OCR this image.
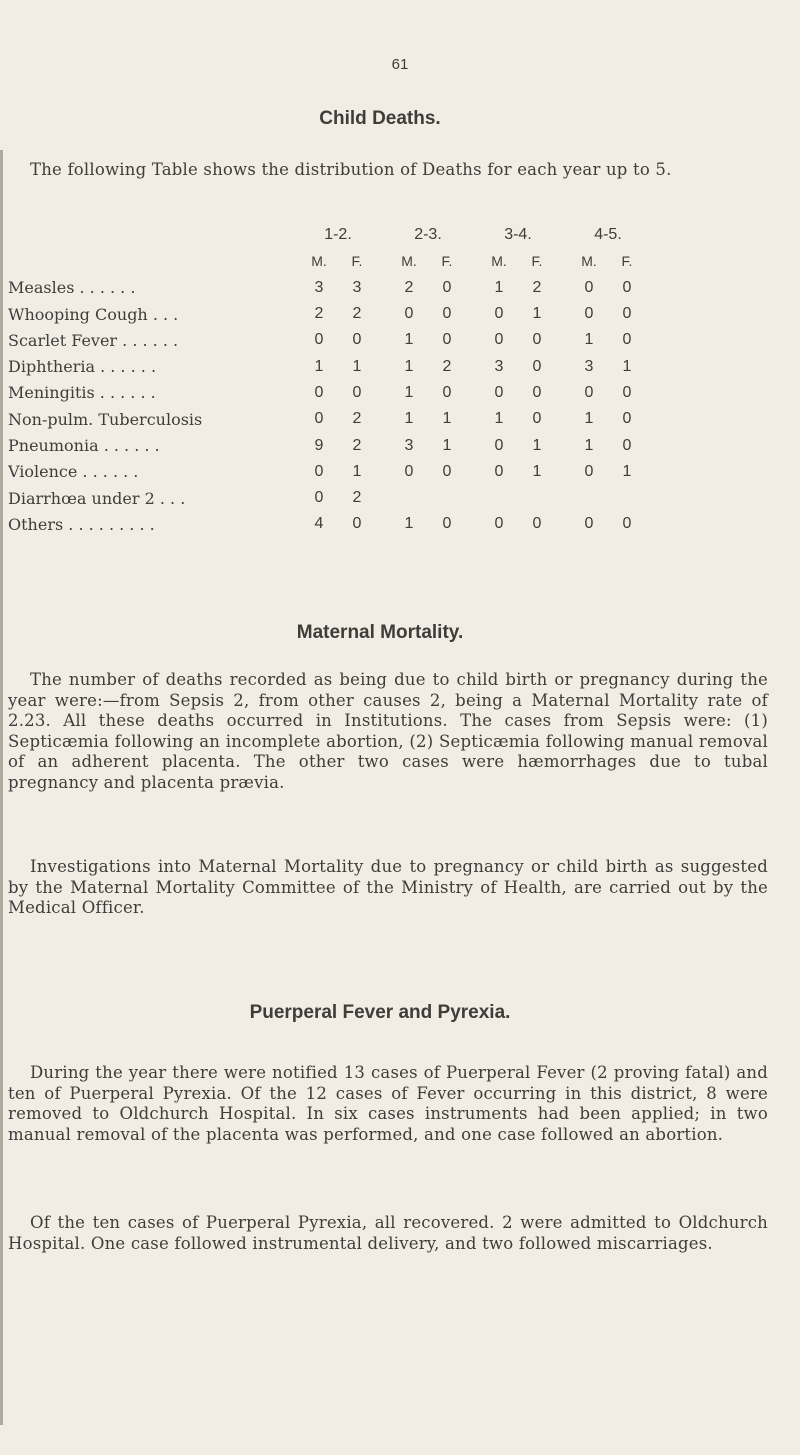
61
Child Deaths.
The following Table shows the distribution of Deaths for each year up to 5.
	1-2.			2-3.			3-4.			4-5.	
	M.	F.		M.	F.		M.	F.		M.	F.
Measles . . . . . .	3	3		2	0		1	2		0	0
Whooping Cough . . .	2	2		0	0		0	1		0	0
Scarlet Fever . . . . . .	0	0		1	0		0	0		1	0
Diphtheria . . . . . .	1	1		1	2		3	0		3	1
Meningitis . . . . . .	0	0		1	0		0	0		0	0
Non-pulm. Tuberculosis	0	2		1	1		1	0		1	0
Pneumonia . . . . . .	9	2		3	1		0	1		1	0
Violence . . . . . .	0	1		0	0		0	1		0	1
Diarrhœa under 2 . . .	0	2									
Others . . . . . . . . .	4	0		1	0		0	0		0	0
Maternal Mortality.
The number of deaths recorded as being due to child birth or pregnancy during the year were:—from Sepsis 2, from other causes 2, being a Maternal Mortality rate of 2.23. All these deaths occurred in Institutions. The cases from Sepsis were: (1) Septicæmia following an incomplete abortion, (2) Septicæmia following manual removal of an adherent placenta. The other two cases were hæmorrhages due to tubal pregnancy and placenta prævia.
Investigations into Maternal Mortality due to pregnancy or child birth as suggested by the Maternal Mortality Committee of the Ministry of Health, are carried out by the Medical Officer.
Puerperal Fever and Pyrexia.
During the year there were notified 13 cases of Puerperal Fever (2 proving fatal) and ten of Puerperal Pyrexia. Of the 12 cases of Fever occurring in this district, 8 were removed to Oldchurch Hospital. In six cases instruments had been applied; in two manual removal of the placenta was performed, and one case followed an abortion.
Of the ten cases of Puerperal Pyrexia, all recovered. 2 were admitted to Oldchurch Hospital. One case followed instrumental delivery, and two followed miscarriages.
